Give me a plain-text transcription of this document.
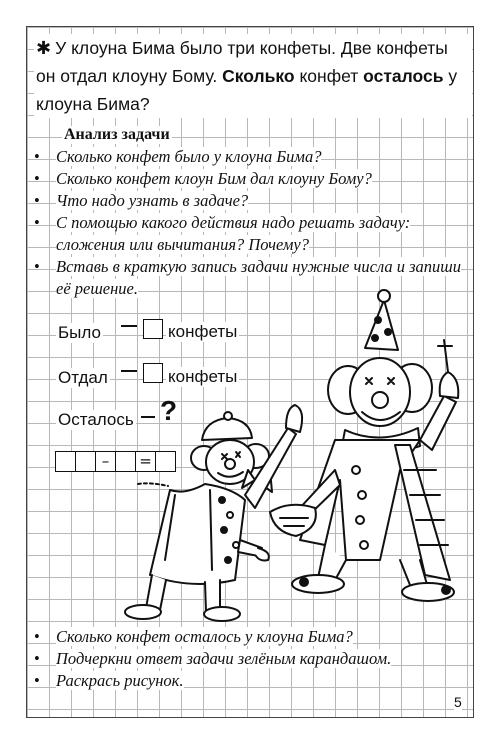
✱ У клоуна Бима было три конфеты. Две конфеты он отдал клоуну Бому. Сколько конфет осталось у клоуна Бима?
Анализ задачи
• Сколько конфет было у клоуна Бима?
• Сколько конфет клоун Бим дал клоуну Бому?
• Что надо узнать в задаче?
• С помощью какого действия надо решать задачу: сложения или вычитания? Почему?
• Вставь в краткую запись задачи нужные числа и запиши её решение.
Было	конфеты
Отдал	конфеты
Осталось ?
–	=
• Сколько конфет осталось у клоуна Бима?
• Подчеркни ответ задачи зелёным карандашом.
• Раскрась рисунок.
5
